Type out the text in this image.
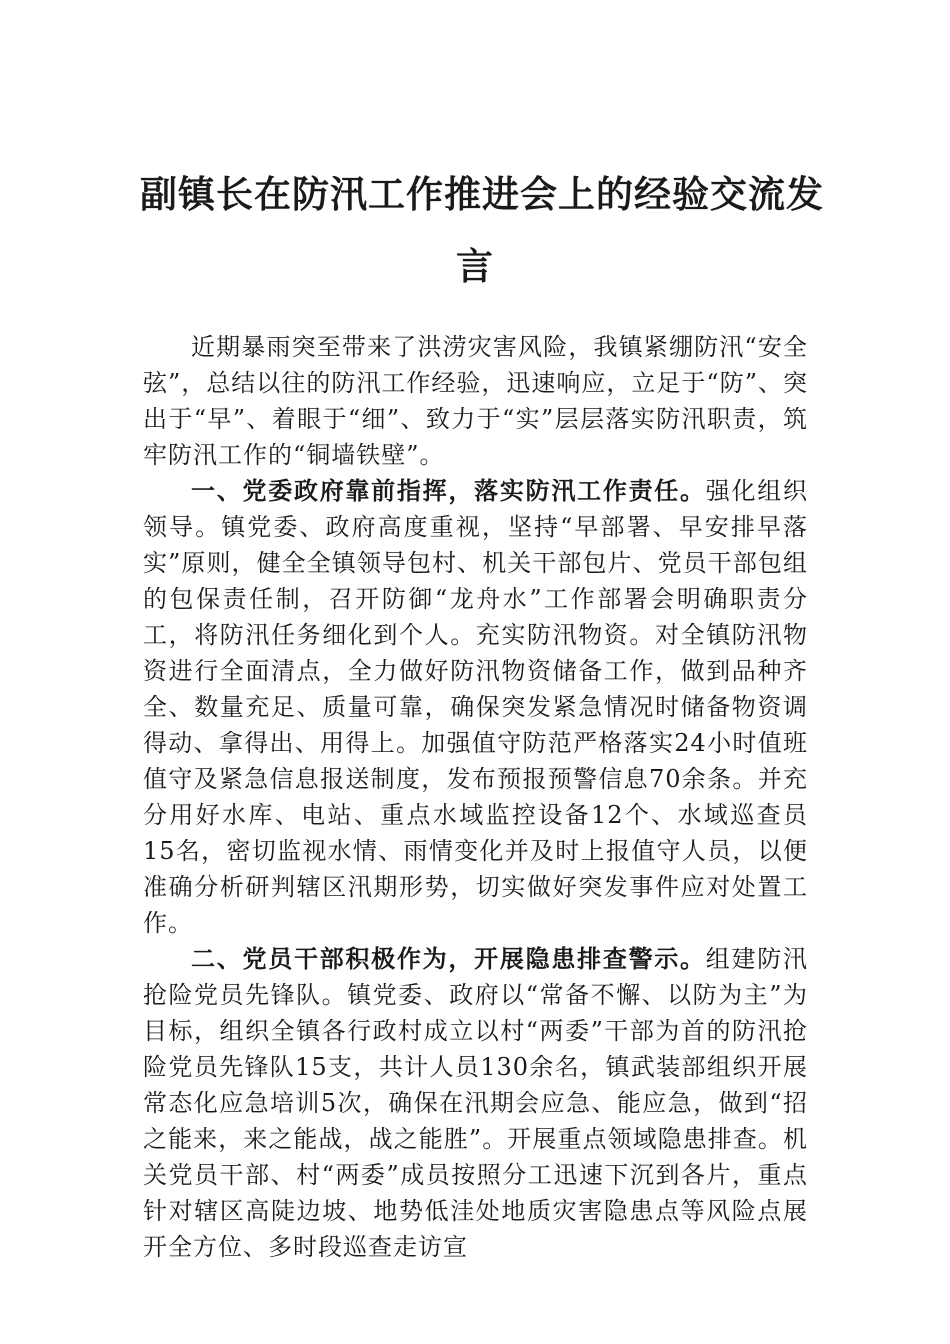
副镇长在防汛工作推进会上的经验交流发
言

近期暴雨突至带来了洪涝灾害风险，我镇紧绷防汛“安全弦”，总结以往的防汛工作经验，迅速响应，立足于“防”、突出于“早”、着眼于“细”、致力于“实”层层落实防汛职责，筑牢防汛工作的“铜墙铁壁”。

一、党委政府靠前指挥，落实防汛工作责任。强化组织领导。镇党委、政府高度重视，坚持“早部署、早安排早落实”原则，健全全镇领导包村、机关干部包片、党员干部包组的包保责任制，召开防御“龙舟水”工作部署会明确职责分工，将防汛任务细化到个人。充实防汛物资。对全镇防汛物资进行全面清点，全力做好防汛物资储备工作，做到品种齐全、数量充足、质量可靠，确保突发紧急情况时储备物资调得动、拿得出、用得上。加强值守防范严格落实24小时值班值守及紧急信息报送制度，发布预报预警信息70余条。并充分用好水库、电站、重点水域监控设备12个、水域巡查员15名，密切监视水情、雨情变化并及时上报值守人员，以便准确分析研判辖区汛期形势，切实做好突发事件应对处置工作。

二、党员干部积极作为，开展隐患排查警示。组建防汛抢险党员先锋队。镇党委、政府以“常备不懈、以防为主”为目标，组织全镇各行政村成立以村“两委”干部为首的防汛抢险党员先锋队15支，共计人员130余名，镇武装部组织开展常态化应急培训5次，确保在汛期会应急、能应急，做到“招之能来，来之能战，战之能胜”。开展重点领域隐患排查。机关党员干部、村“两委”成员按照分工迅速下沉到各片，重点针对辖区高陡边坡、地势低洼处地质灾害隐患点等风险点展开全方位、多时段巡查走访宣
